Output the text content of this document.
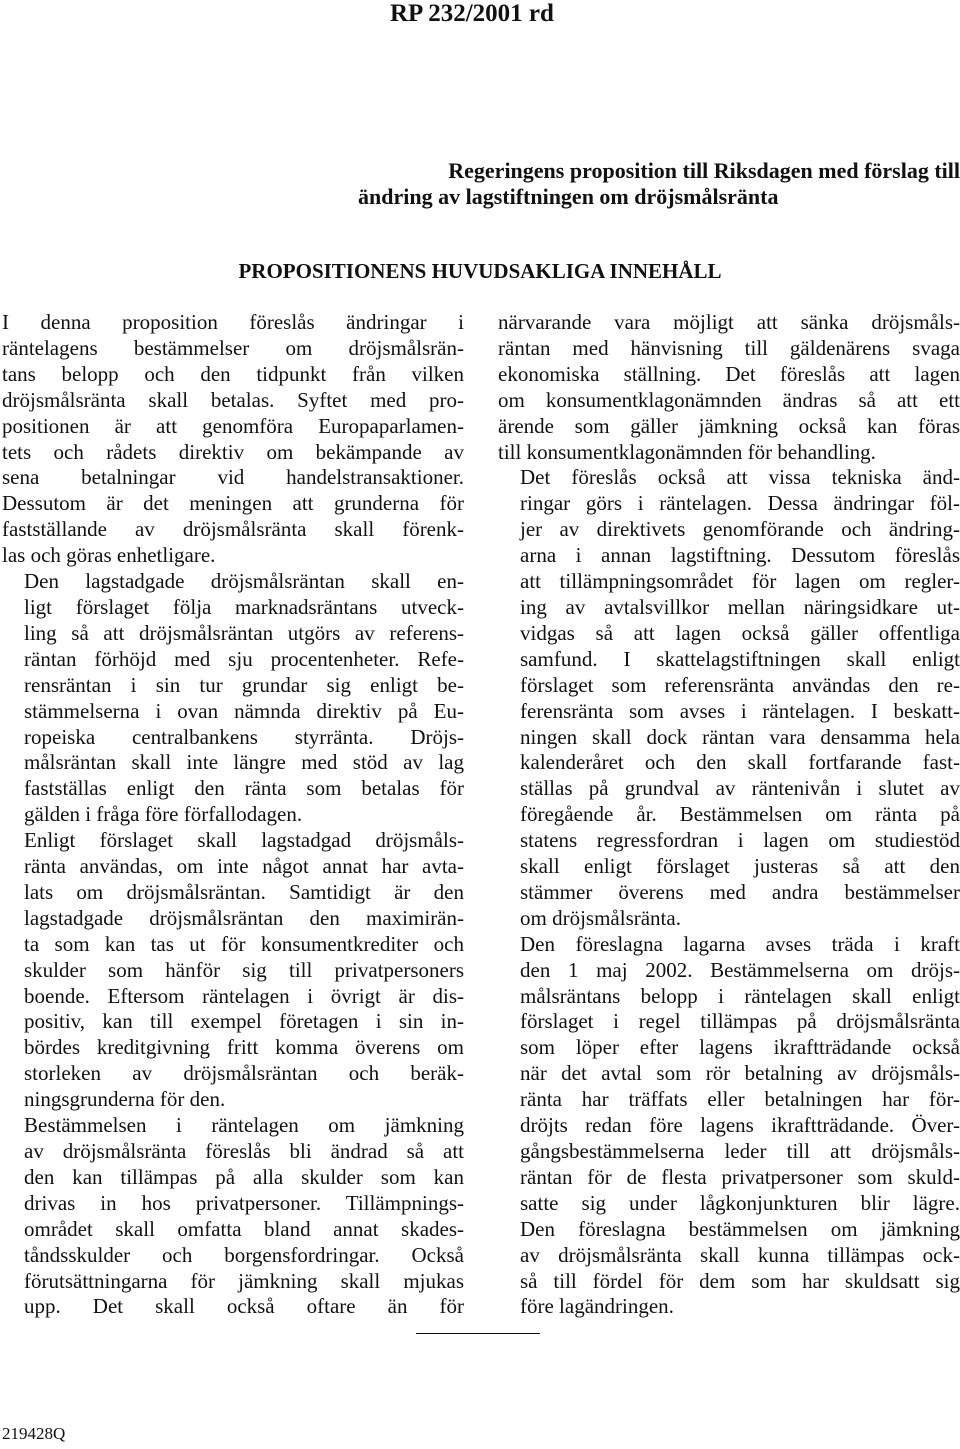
RP 232/2001 rd
Regeringens proposition till Riksdagen med förslag till
ändring av lagstiftningen om dröjsmålsränta
PROPOSITIONENS HUVUDSAKLIGA INNEHÅLL

I denna proposition föreslås ändringar i
räntelagens bestämmelser om dröjsmålsrän-
tans belopp och den tidpunkt från vilken
dröjsmålsränta skall betalas. Syftet med pro-
positionen är att genomföra Europaparlamen-
tets och rådets direktiv om bekämpande av
sena betalningar vid handelstransaktioner.
Dessutom är det meningen att grunderna för
fastställande av dröjsmålsränta skall förenk-
las och göras enhetligare.

Den lagstadgade dröjsmålsräntan skall en-
ligt förslaget följa marknadsräntans utveck-
ling så att dröjsmålsräntan utgörs av referens-
räntan förhöjd med sju procentenheter. Refe-
rensräntan i sin tur grundar sig enligt be-
stämmelserna i ovan nämnda direktiv på Eu-
ropeiska centralbankens styrränta. Dröjs-
målsräntan skall inte längre med stöd av lag
fastställas enligt den ränta som betalas för
gälden i fråga före förfallodagen.

Enligt förslaget skall lagstadgad dröjsmåls-
ränta användas, om inte något annat har avta-
lats om dröjsmålsräntan. Samtidigt är den
lagstadgade dröjsmålsräntan den maximirän-
ta som kan tas ut för konsumentkrediter och
skulder som hänför sig till privatpersoners
boende. Eftersom räntelagen i övrigt är dis-
positiv, kan till exempel företagen i sin in-
bördes kreditgivning fritt komma överens om
storleken av dröjsmålsräntan och beräk-
ningsgrunderna för den.

Bestämmelsen i räntelagen om jämkning
av dröjsmålsränta föreslås bli ändrad så att
den kan tillämpas på alla skulder som kan
drivas in hos privatpersoner. Tillämpnings-
området skall omfatta bland annat skades-
tåndsskulder och borgensfordringar. Också
förutsättningarna för jämkning skall mjukas
upp. Det skall också oftare än för

närvarande vara möjligt att sänka dröjsmåls-
räntan med hänvisning till gäldenärens svaga
ekonomiska ställning. Det föreslås att lagen
om konsumentklagonämnden ändras så att ett
ärende som gäller jämkning också kan föras
till konsumentklagonämnden för behandling.

Det föreslås också att vissa tekniska änd-
ringar görs i räntelagen. Dessa ändringar föl-
jer av direktivets genomförande och ändring-
arna i annan lagstiftning. Dessutom föreslås
att tillämpningsområdet för lagen om regler-
ing av avtalsvillkor mellan näringsidkare ut-
vidgas så att lagen också gäller offentliga
samfund. I skattelagstiftningen skall enligt
förslaget som referensränta användas den re-
ferensränta som avses i räntelagen. I beskatt-
ningen skall dock räntan vara densamma hela
kalenderåret och den skall fortfarande fast-
ställas på grundval av räntenivån i slutet av
föregående år. Bestämmelsen om ränta på
statens regressfordran i lagen om studiestöd
skall enligt förslaget justeras så att den
stämmer överens med andra bestämmelser
om dröjsmålsränta.

Den föreslagna lagarna avses träda i kraft
den 1 maj 2002. Bestämmelserna om dröjs-
målsräntans belopp i räntelagen skall enligt
förslaget i regel tillämpas på dröjsmålsränta
som löper efter lagens ikraftträdande också
när det avtal som rör betalning av dröjsmåls-
ränta har träffats eller betalningen har för-
dröjts redan före lagens ikraftträdande. Över-
gångsbestämmelserna leder till att dröjsmåls-
räntan för de flesta privatpersoner som skuld-
satte sig under lågkonjunkturen blir lägre.
Den föreslagna bestämmelsen om jämkning
av dröjsmålsränta skall kunna tillämpas ock-
så till fördel för dem som har skuldsatt sig
före lagändringen.

219428Q
